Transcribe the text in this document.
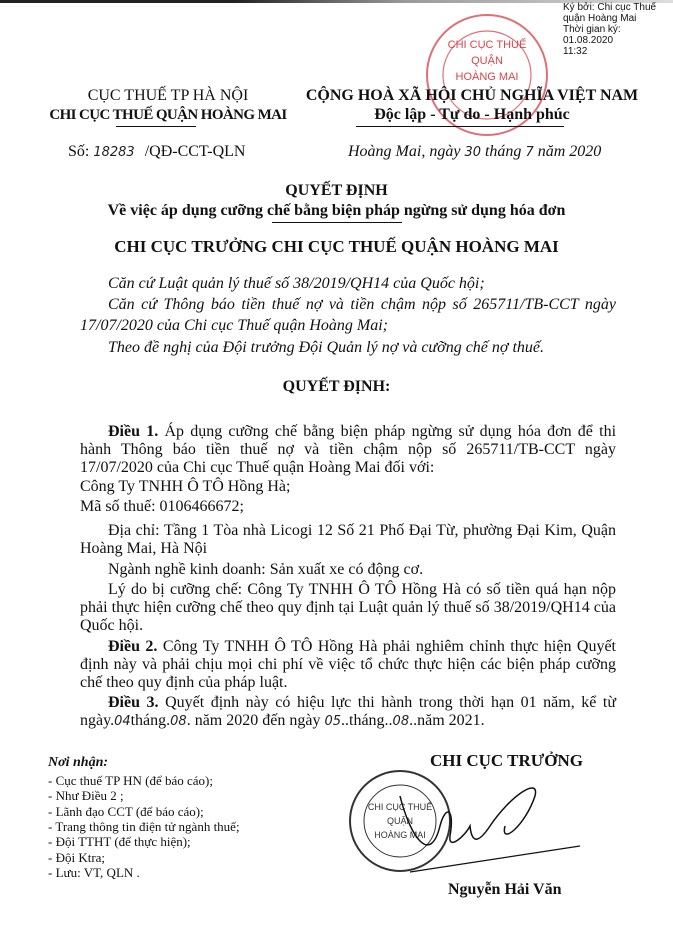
Ký bởi: Chi cục Thuế
quận Hoàng Mai
Thời gian ký: 01.08.2020
11:32
CHI CỤC THUẾ
QUẬN
HOÀNG MAI
CỤC THUẾ TP HÀ NỘI
CHI CỤC THUẾ QUẬN HOÀNG MAI
CỘNG HOÀ XÃ HỘI CHỦ NGHĨA VIỆT NAM
Độc lập - Tự do - Hạnh phúc
Số: 18283 /QĐ-CCT-QLN	Hoàng Mai, ngày 30 tháng 7 năm 2020
QUYẾT ĐỊNH
Về việc áp dụng cưỡng chế bằng biện pháp ngừng sử dụng hóa đơn
CHI CỤC TRƯỞNG CHI CỤC THUẾ QUẬN HOÀNG MAI
Căn cứ Luật quản lý thuế số 38/2019/QH14 của Quốc hội;
Căn cứ Thông báo tiền thuế nợ và tiền chậm nộp số 265711/TB-CCT ngày
17/07/2020 của Chi cục Thuế quận Hoàng Mai;
Theo đề nghị của Đội trưởng Đội Quản lý nợ và cưỡng chế nợ thuế.
QUYẾT ĐỊNH:
Điều 1. Áp dụng cưỡng chế bằng biện pháp ngừng sử dụng hóa đơn để thi
hành Thông báo tiền thuế nợ và tiền chậm nộp số 265711/TB-CCT ngày
17/07/2020 của Chi cục Thuế quận Hoàng Mai đối với:
Công Ty TNHH Ô TÔ Hồng Hà;
Mã số thuế: 0106466672;
Địa chỉ: Tầng 1 Tòa nhà Licogi 12 Số 21 Phố Đại Từ, phường Đại Kim, Quận
Hoàng Mai, Hà Nội
Ngành nghề kinh doanh: Sản xuất xe có động cơ.
Lý do bị cưỡng chế: Công Ty TNHH Ô TÔ Hồng Hà có số tiền quá hạn nộp
phải thực hiện cưỡng chế theo quy định tại Luật quản lý thuế số 38/2019/QH14 của
Quốc hội.
Điều 2. Công Ty TNHH Ô TÔ Hồng Hà phải nghiêm chỉnh thực hiện Quyết
định này và phải chịu mọi chi phí về việc tổ chức thực hiện các biện pháp cưỡng
chế theo quy định của pháp luật.
Điều 3. Quyết định này có hiệu lực thi hành trong thời hạn 01 năm, kể từ
ngày.04tháng.08. năm 2020 đến ngày 05..tháng..08..năm 2021.
Nơi nhận:
- Cục thuế TP HN (để báo cáo);
- Như Điều 2 ;
- Lãnh đạo CCT (để báo cáo);
- Trang thông tin điện tử ngành thuế;
- Đội TTHT (để thực hiện);
- Đội Ktra;
- Lưu: VT, QLN .
CHI CỤC TRƯỞNG
CHI CỤC THUẾ
QUẬN
HOÀNG MAI
Nguyễn Hải Văn
